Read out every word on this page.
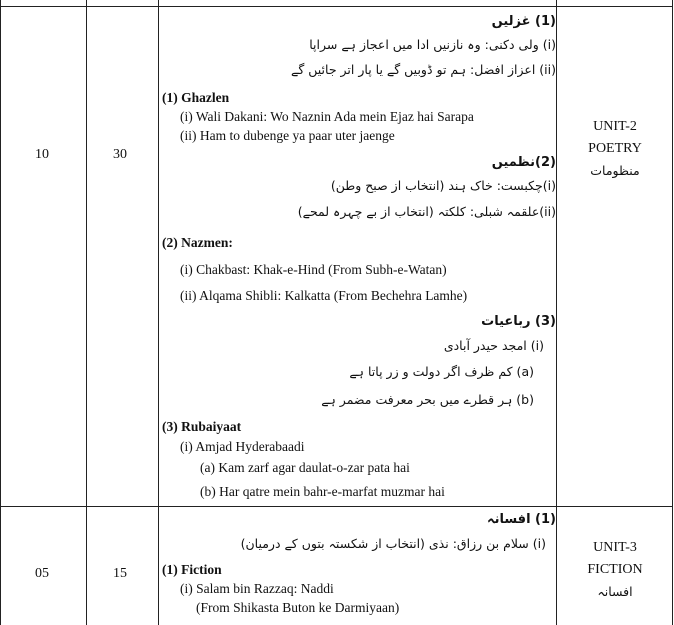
10	30
UNIT-2
POETRY
منظومات
(1) غزلیں
(i) ولی دکنی: وہ نازنیں ادا میں اعجاز ہے سراپا
(ii) اعزاز افضل: ہم تو ڈوبیں گے یا پار اتر جائیں گے
(1) Ghazlen
(i) Wali Dakani: Wo Naznin Ada mein Ejaz hai Sarapa
(ii) Ham to dubenge ya paar uter jaenge
(2)نظمیں
(i)چکبست: خاک ہند (انتخاب از صبح وطن)
(ii)علقمہ شبلی: کلکتہ (انتخاب از بے چہرہ لمحے)
(2) Nazmen:
(i) Chakbast: Khak-e-Hind (From Subh-e-Watan)
(ii) Alqama Shibli: Kalkatta (From Bechehra Lamhe)
(3) رباعیات
(i) امجد حیدر آبادی
(a) کم ظرف اگر دولت و زر پاتا ہے
(b) ہر قطرے میں بحر معرفت مضمر ہے
(3) Rubaiyaat
(i) Amjad Hyderabaadi
(a) Kam zarf agar daulat-o-zar pata hai
(b) Har qatre mein bahr-e-marfat muzmar hai
05	15
UNIT-3
FICTION
افسانہ
(1) افسانہ
(i) سلام بن رزاق: نذی (انتخاب از شکستہ بتوں کے درمیان)
(1) Fiction
(i) Salam bin Razzaq: Naddi
(From Shikasta Buton ke Darmiyaan)
